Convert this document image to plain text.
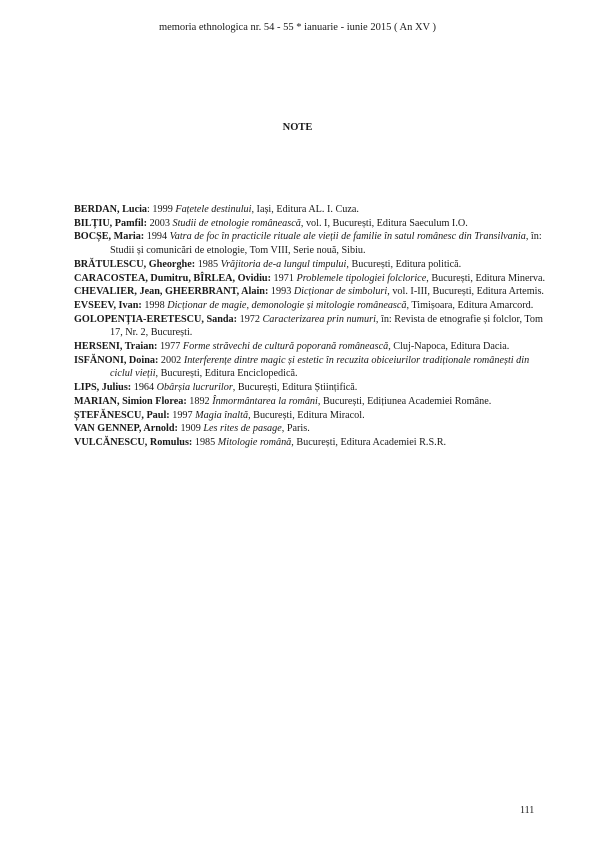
memoria ethnologica nr. 54 - 55 * ianuarie - iunie 2015 ( An XV )
NOTE
BERDAN, Lucia: 1999 Fațetele destinului, Iași, Editura AL. I. Cuza.
BILȚIU, Pamfil: 2003 Studii de etnologie românească, vol. I, București, Editura Saeculum I.O.
BOCȘE, Maria: 1994 Vatra de foc în practicile rituale ale vieții de familie în satul românesc din Transilvania, în: Studii și comunicări de etnologie, Tom VIII, Serie nouă, Sibiu.
BRĂTULESCU, Gheorghe: 1985 Vrăjitoria de-a lungul timpului, București, Editura politică.
CARACOSTEA, Dumitru, BÎRLEA, Ovidiu: 1971 Problemele tipologiei folclorice, București, Editura Minerva.
CHEVALIER, Jean, GHEERBRANT, Alain: 1993 Dicționar de simboluri, vol. I-III, București, Editura Artemis.
EVSEEV, Ivan: 1998 Dicționar de magie, demonologie și mitologie românească, Timișoara, Editura Amarcord.
GOLOPENȚIA-ERETESCU, Sanda: 1972 Caracterizarea prin numuri, în: Revista de etnografie și folclor, Tom 17, Nr. 2, București.
HERSENI, Traian: 1977 Forme străvechi de cultură poporană românească, Cluj-Napoca, Editura Dacia.
ISFĂNONI, Doina: 2002 Interferențe dintre magic și estetic în recuzita obiceiurilor tradiționale românești din ciclul vieții, București, Editura Enciclopedică.
LIPS, Julius: 1964 Obârșia lucrurilor, București, Editura Științifică.
MARIAN, Simion Florea: 1892 Înmormântarea la români, București, Edițiunea Academiei Române.
ȘTEFĂNESCU, Paul: 1997 Magia înaltă, București, Editura Miracol.
VAN GENNEP, Arnold: 1909 Les rites de pasage, Paris.
VULCĂNESCU, Romulus: 1985 Mitologie română, București, Editura Academiei R.S.R.
111
